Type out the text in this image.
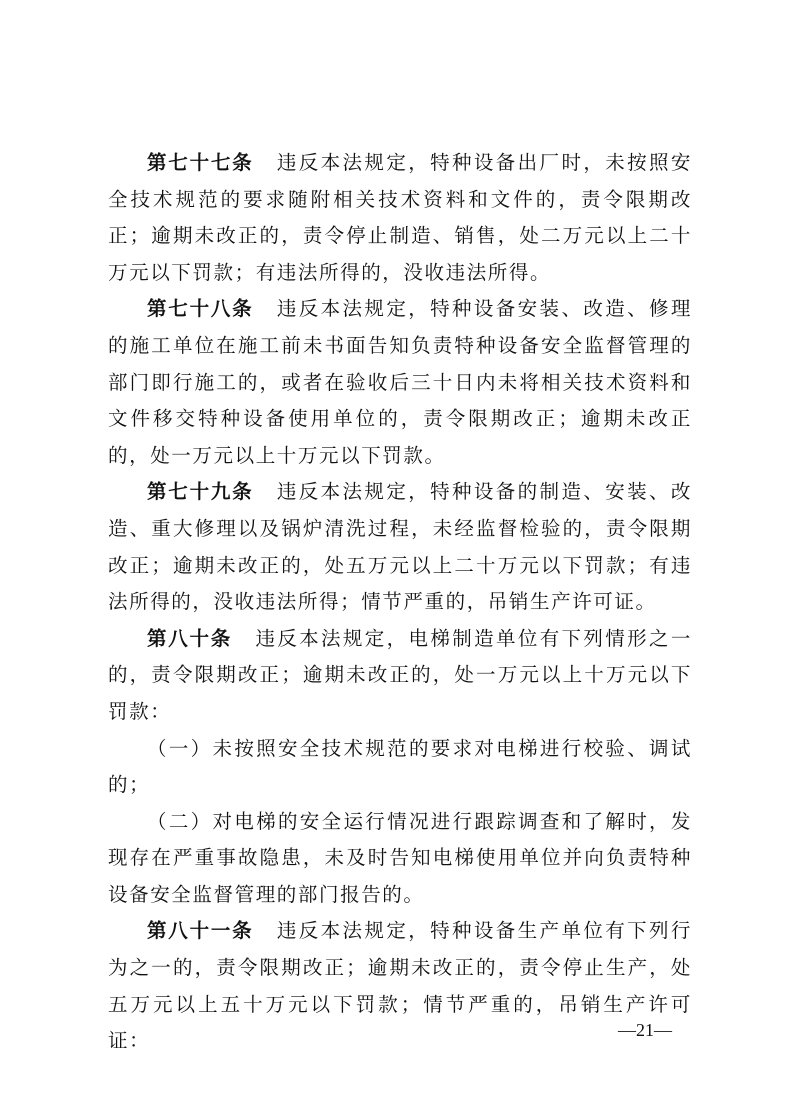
第七十七条 违反本法规定，特种设备出厂时，未按照安全技术规范的要求随附相关技术资料和文件的，责令限期改正；逾期未改正的，责令停止制造、销售，处二万元以上二十万元以下罚款；有违法所得的，没收违法所得。

第七十八条 违反本法规定，特种设备安装、改造、修理的施工单位在施工前未书面告知负责特种设备安全监督管理的部门即行施工的，或者在验收后三十日内未将相关技术资料和文件移交特种设备使用单位的，责令限期改正；逾期未改正的，处一万元以上十万元以下罚款。

第七十九条 违反本法规定，特种设备的制造、安装、改造、重大修理以及锅炉清洗过程，未经监督检验的，责令限期改正；逾期未改正的，处五万元以上二十万元以下罚款；有违法所得的，没收违法所得；情节严重的，吊销生产许可证。

第八十条 违反本法规定，电梯制造单位有下列情形之一的，责令限期改正；逾期未改正的，处一万元以上十万元以下罚款：

（一）未按照安全技术规范的要求对电梯进行校验、调试的；

（二）对电梯的安全运行情况进行跟踪调查和了解时，发现存在严重事故隐患，未及时告知电梯使用单位并向负责特种设备安全监督管理的部门报告的。

第八十一条 违反本法规定，特种设备生产单位有下列行为之一的，责令限期改正；逾期未改正的，责令停止生产，处五万元以上五十万元以下罚款；情节严重的，吊销生产许可证：	—21—
